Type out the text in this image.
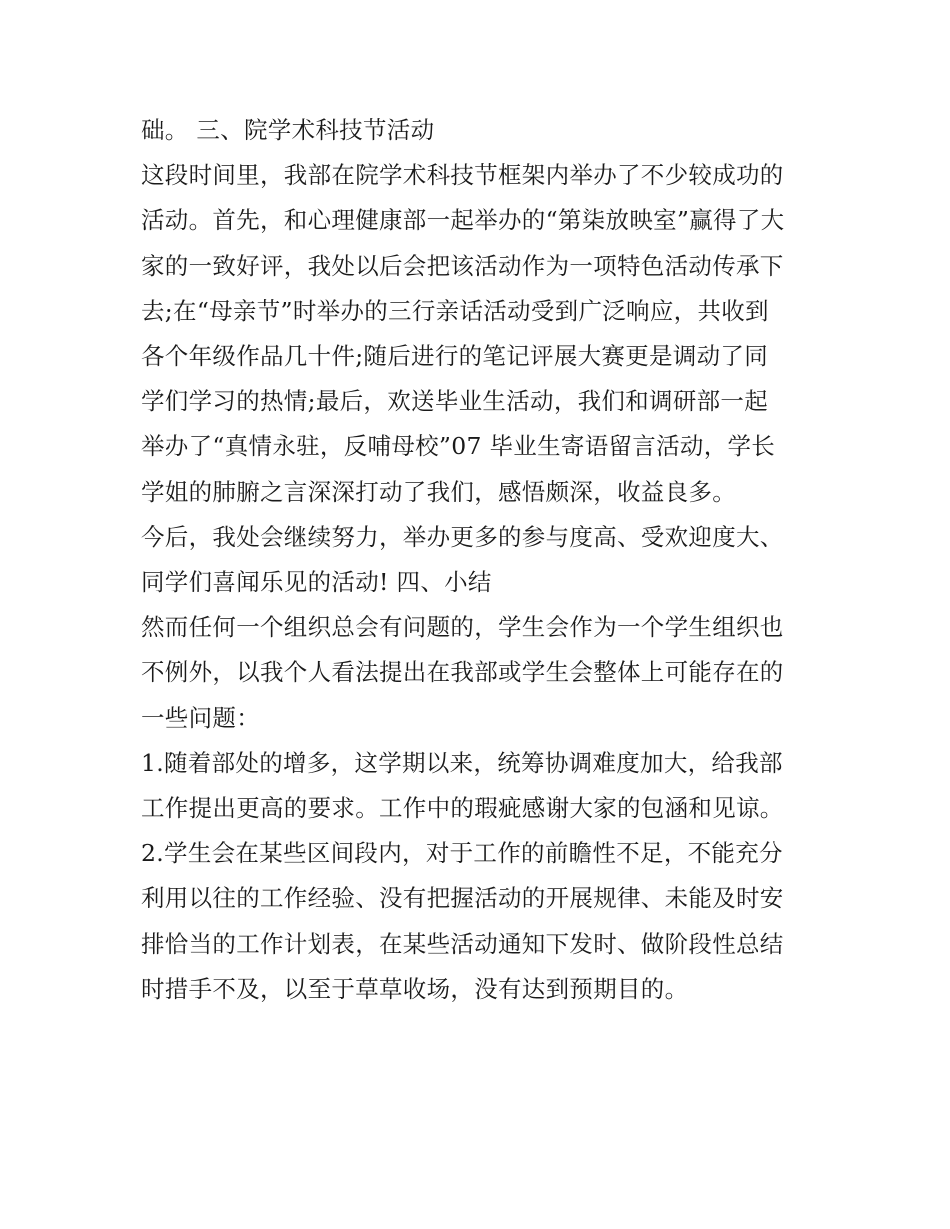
础。 三、院学术科技节活动
这段时间里，我部在院学术科技节框架内举办了不少较成功的
活动。首先，和心理健康部一起举办的“第柒放映室”赢得了大
家的一致好评，我处以后会把该活动作为一项特色活动传承下
去;在“母亲节”时举办的三行亲话活动受到广泛响应，共收到
各个年级作品几十件;随后进行的笔记评展大赛更是调动了同
学们学习的热情;最后，欢送毕业生活动，我们和调研部一起
举办了“真情永驻，反哺母校”07 毕业生寄语留言活动，学长
学姐的肺腑之言深深打动了我们，感悟颇深，收益良多。
今后，我处会继续努力，举办更多的参与度高、受欢迎度大、
同学们喜闻乐见的活动! 四、小结
然而任何一个组织总会有问题的，学生会作为一个学生组织也
不例外，以我个人看法提出在我部或学生会整体上可能存在的
一些问题：
1.随着部处的增多，这学期以来，统筹协调难度加大，给我部
工作提出更高的要求。工作中的瑕疵感谢大家的包涵和见谅。
2.学生会在某些区间段内，对于工作的前瞻性不足，不能充分
利用以往的工作经验、没有把握活动的开展规律、未能及时安
排恰当的工作计划表，在某些活动通知下发时、做阶段性总结
时措手不及，以至于草草收场，没有达到预期目的。
